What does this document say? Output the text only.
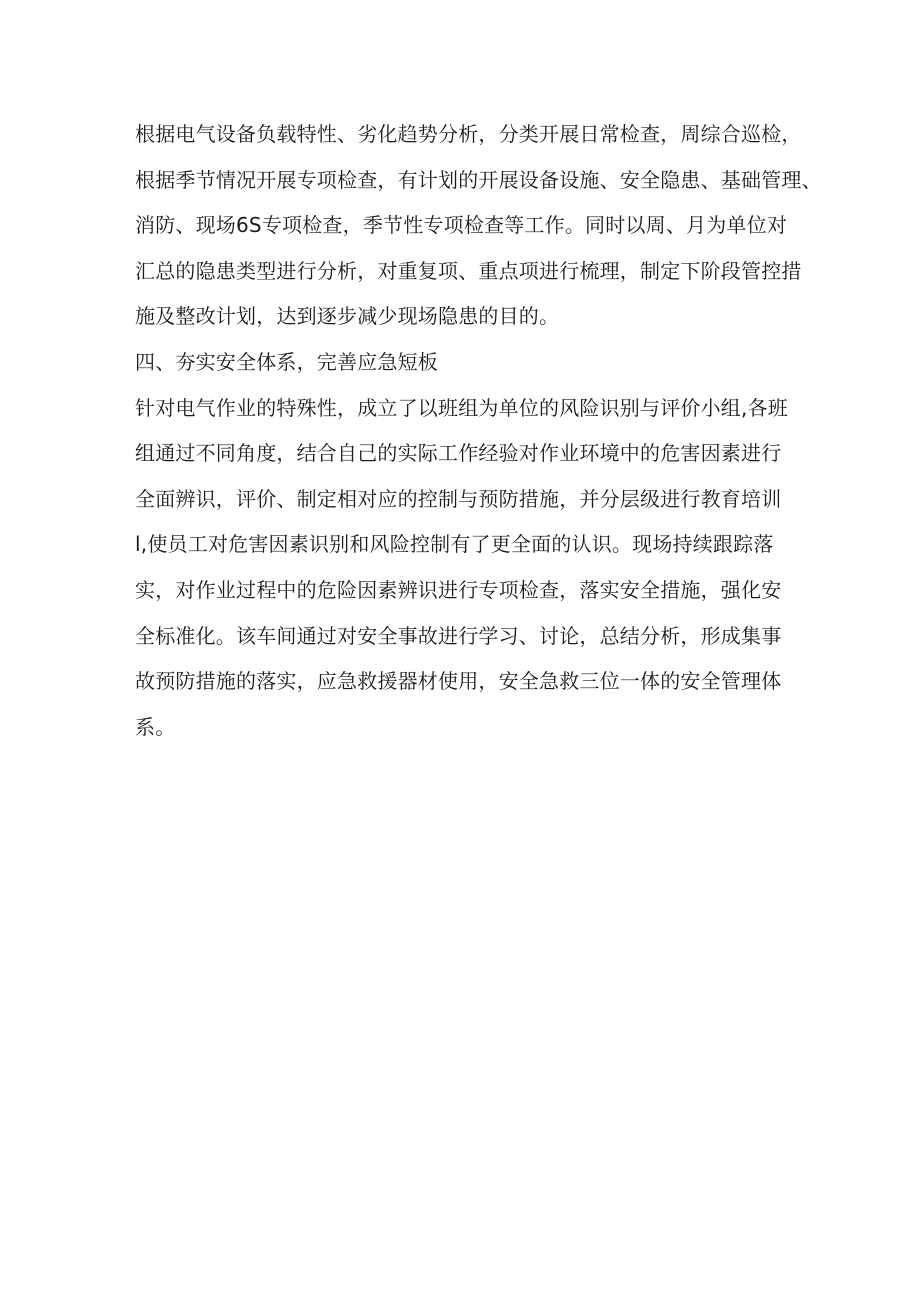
根据电气设备负载特性、劣化趋势分析，分类开展日常检查，周综合巡检，
根据季节情况开展专项检查，有计划的开展设备设施、安全隐患、基础管理、
消防、现场6S专项检查，季节性专项检查等工作。同时以周、月为单位对
汇总的隐患类型进行分析，对重复项、重点项进行梳理，制定下阶段管控措
施及整改计划，达到逐步减少现场隐患的目的。
四、夯实安全体系，完善应急短板
针对电气作业的特殊性，成立了以班组为单位的风险识别与评价小组,各班
组通过不同角度，结合自己的实际工作经验对作业环境中的危害因素进行
全面辨识，评价、制定相对应的控制与预防措施，并分层级进行教育培训
l,使员工对危害因素识别和风险控制有了更全面的认识。现场持续跟踪落
实，对作业过程中的危险因素辨识进行专项检查，落实安全措施，强化安
全标准化。该车间通过对安全事故进行学习、讨论，总结分析，形成集事
故预防措施的落实，应急救援器材使用，安全急救三位一体的安全管理体
系。
